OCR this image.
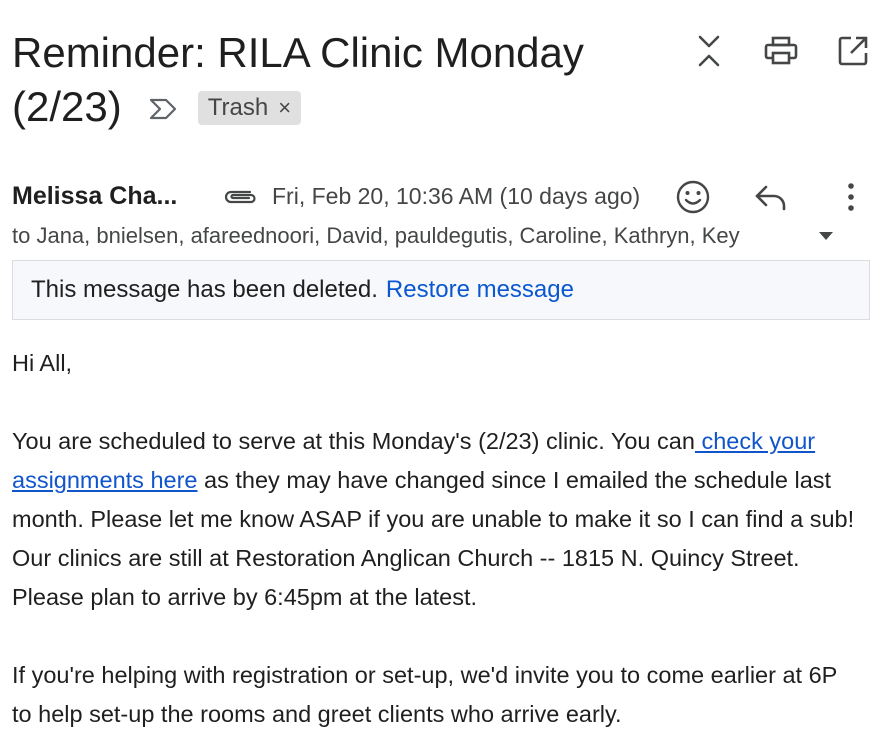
Reminder: RILA Clinic Monday
(2/23)	Trash ×
Melissa Cha...	Fri, Feb 20, 10:36 AM (10 days ago)
to Jana, bnielsen, afareednoori, David, pauldegutis, Caroline, Kathryn, Key
This message has been deleted. Restore message

Hi All,

You are scheduled to serve at this Monday's (2/23) clinic. You can check your assignments here as they may have changed since I emailed the schedule last month. Please let me know ASAP if you are unable to make it so I can find a sub! Our clinics are still at Restoration Anglican Church -- 1815 N. Quincy Street. Please plan to arrive by 6:45pm at the latest.

If you're helping with registration or set-up, we'd invite you to come earlier at 6P to help set-up the rooms and greet clients who arrive early.
